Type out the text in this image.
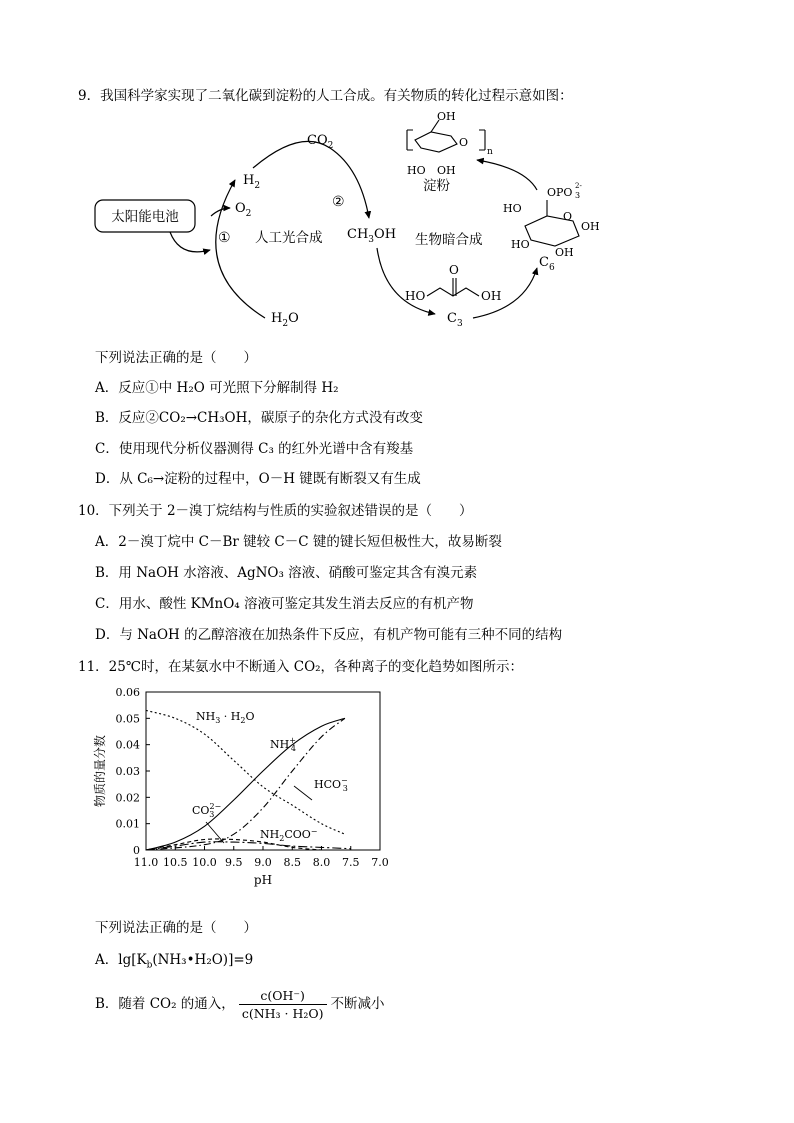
9．我国科学家实现了二氧化碳到淀粉的人工合成。有关物质的转化过程示意如图：
太阳能电池
$H_2$
$O_2$
$H_2O$
① 人工光合成
$CO_2$
②
$CH_3OH$
HO
O
OH
$C_3$
生物暗合成
OPO 3
2-
O
HO
OH
HO
OH
$C_6$
n
OH
O
HO OH
淀粉
下列说法正确的是（　　）
A．反应①中 H₂O 可光照下分解制得 H₂
B．反应②CO₂→CH₃OH，碳原子的杂化方式没有改变
C．使用现代分析仪器测得 C₃ 的红外光谱中含有羧基
D．从 C₆→淀粉的过程中，O－H 键既有断裂又有生成
10．下列关于 2－溴丁烷结构与性质的实验叙述错误的是（　　）
A．2－溴丁烷中 C－Br 键较 C－C 键的键长短但极性大，故易断裂
B．用 NaOH 水溶液、AgNO₃ 溶液、硝酸可鉴定其含有溴元素
C．用水、酸性 KMnO₄ 溶液可鉴定其发生消去反应的有机产物
D．与 NaOH 的乙醇溶液在加热条件下反应，有机产物可能有三种不同的结构
11．25℃时，在某氨水中不断通入 CO₂，各种离子的变化趋势如图所示：
0
0.01
0.02
0.03
0.04
0.05
0.06
11.0 10.5 10.0 9.5 9.0 8.5 8.0 7.5 7.0
pH
物质的量分数
$NH_3 \cdot H_2O$
NH+ 4
HCO− 3
$CO^{2-}$ 3
$NH_2COO^-$
下列说法正确的是（　　）
A．$\lg[K_b(NH_3•H_2O)]=9$
B．随着 CO₂ 的通入， $\frac{c(OH^-)}{\text{c(NH₃ · H₂O)}}$ 不断减小
